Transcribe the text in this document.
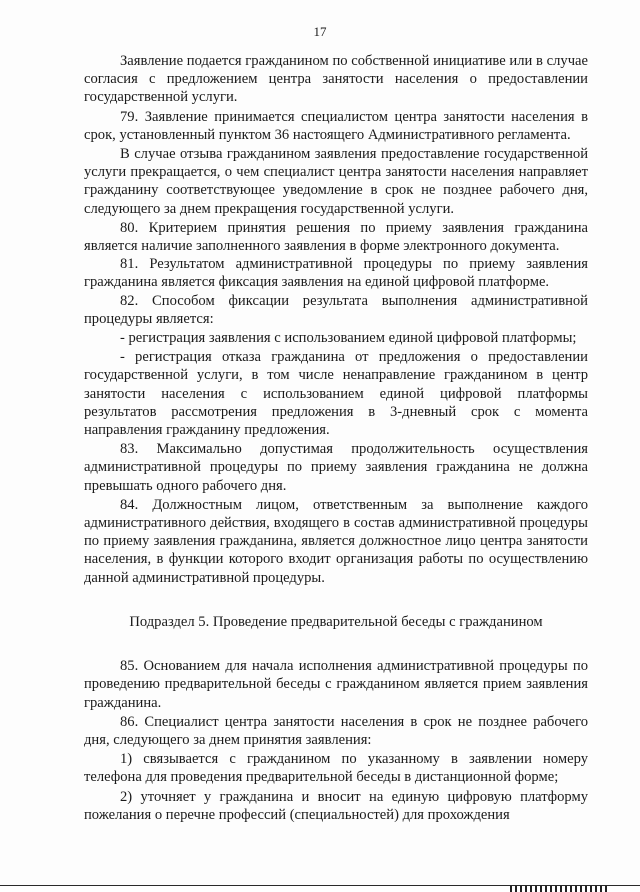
17

Заявление подается гражданином по собственной инициативе или в случае согласия с предложением центра занятости населения о предоставлении государственной услуги.

79. Заявление принимается специалистом центра занятости населения в срок, установленный пунктом 36 настоящего Административного регламента.

В случае отзыва гражданином заявления предоставление государственной услуги прекращается, о чем специалист центра занятости населения направляет гражданину соответствующее уведомление в срок не позднее рабочего дня, следующего за днем прекращения государственной услуги.

80. Критерием принятия решения по приему заявления гражданина является наличие заполненного заявления в форме электронного документа.

81. Результатом административной процедуры по приему заявления гражданина является фиксация заявления на единой цифровой платформе.

82. Способом фиксации результата выполнения административной процедуры является:

- регистрация заявления с использованием единой цифровой платформы;

- регистрация отказа гражданина от предложения о предоставлении государственной услуги, в том числе ненаправление гражданином в центр занятости населения с использованием единой цифровой платформы результатов рассмотрения предложения в 3-дневный срок с момента направления гражданину предложения.

83. Максимально допустимая продолжительность осуществления административной процедуры по приему заявления гражданина не должна превышать одного рабочего дня.

84. Должностным лицом, ответственным за выполнение каждого административного действия, входящего в состав административной процедуры по приему заявления гражданина, является должностное лицо центра занятости населения, в функции которого входит организация работы по осуществлению данной административной процедуры.

Подраздел 5. Проведение предварительной беседы с гражданином

85. Основанием для начала исполнения административной процедуры по проведению предварительной беседы с гражданином является прием заявления гражданина.

86. Специалист центра занятости населения в срок не позднее рабочего дня, следующего за днем принятия заявления:

1) связывается с гражданином по указанному в заявлении номеру телефона для проведения предварительной беседы в дистанционной форме;

2) уточняет у гражданина и вносит на единую цифровую платформу пожелания о перечне профессий (специальностей) для прохождения
